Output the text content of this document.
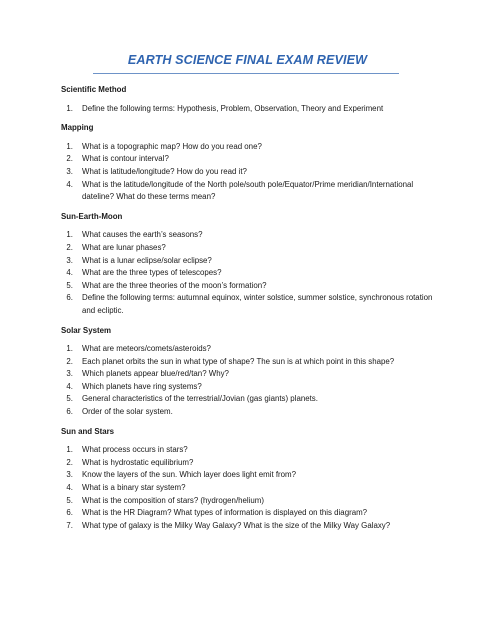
EARTH SCIENCE FINAL EXAM REVIEW

Scientific Method

1. Define the following terms: Hypothesis, Problem, Observation, Theory and Experiment

Mapping

1. What is a topographic map? How do you read one?
2. What is contour interval?
3. What is latitude/longitude? How do you read it?
4. What is the latitude/longitude of the North pole/south pole/Equator/Prime meridian/International dateline? What do these terms mean?

Sun-Earth-Moon

1. What causes the earth’s seasons?
2. What are lunar phases?
3. What is a lunar eclipse/solar eclipse?
4. What are the three types of telescopes?
5. What are the three theories of the moon’s formation?
6. Define the following terms: autumnal equinox, winter solstice, summer solstice, synchronous rotation and ecliptic.

Solar System

1. What are meteors/comets/asteroids?
2. Each planet orbits the sun in what type of shape? The sun is at which point in this shape?
3. Which planets appear blue/red/tan? Why?
4. Which planets have ring systems?
5. General characteristics of the terrestrial/Jovian (gas giants) planets.
6. Order of the solar system.

Sun and Stars

1. What process occurs in stars?
2. What is hydrostatic equilibrium?
3. Know the layers of the sun. Which layer does light emit from?
4. What is a binary star system?
5. What is the composition of stars? (hydrogen/helium)
6. What is the HR Diagram? What types of information is displayed on this diagram?
7. What type of galaxy is the Milky Way Galaxy? What is the size of the Milky Way Galaxy?
